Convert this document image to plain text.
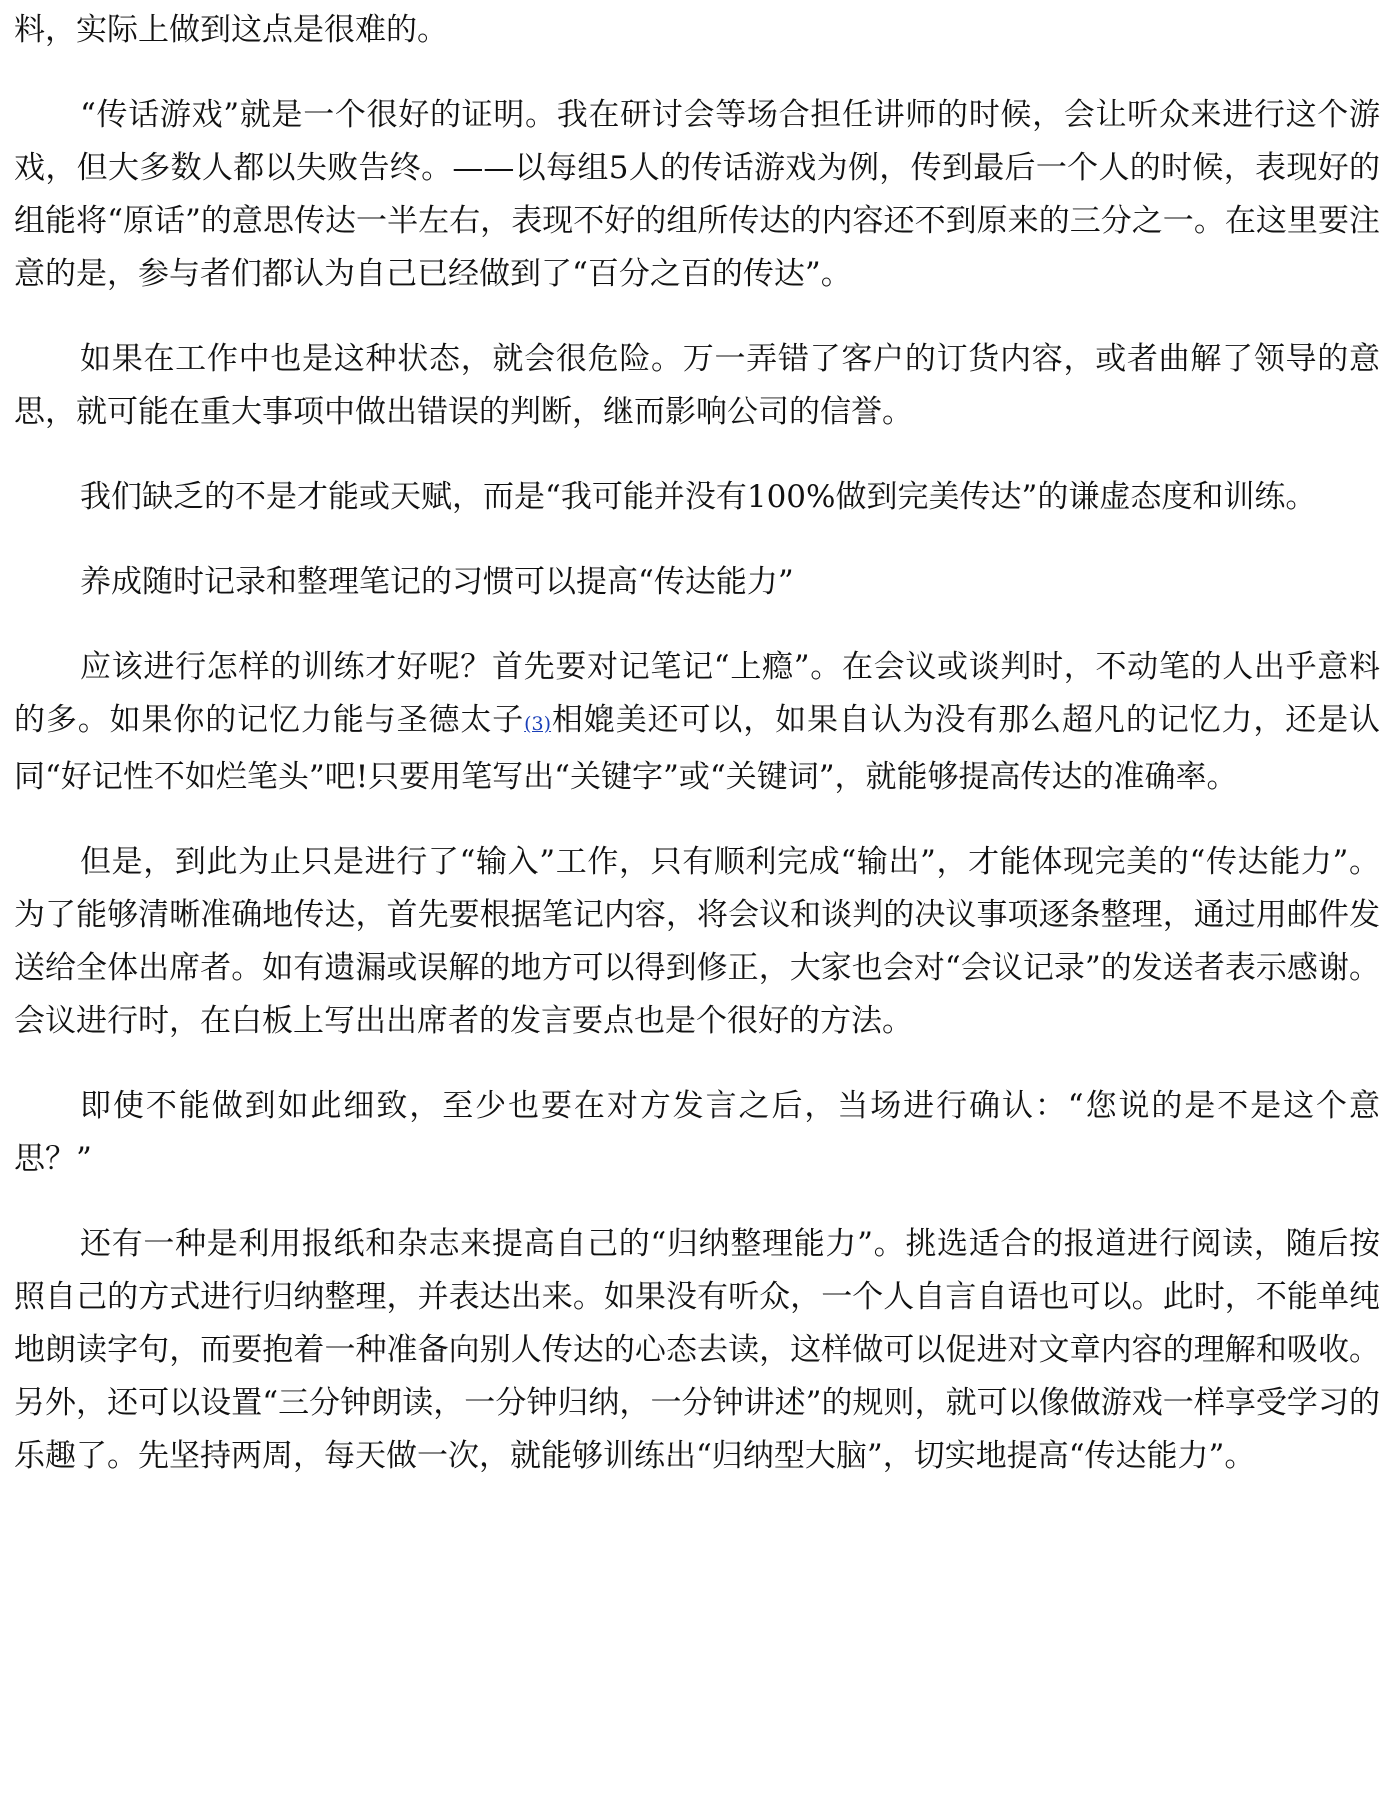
料，实际上做到这点是很难的。

“传话游戏”就是一个很好的证明。我在研讨会等场合担任讲师的时候，会让听众来进行这个游戏，但大多数人都以失败告终。——以每组5人的传话游戏为例，传到最后一个人的时候，表现好的组能将“原话”的意思传达一半左右，表现不好的组所传达的内容还不到原来的三分之一。在这里要注意的是，参与者们都认为自己已经做到了“百分之百的传达”。

如果在工作中也是这种状态，就会很危险。万一弄错了客户的订货内容，或者曲解了领导的意思，就可能在重大事项中做出错误的判断，继而影响公司的信誉。

我们缺乏的不是才能或天赋，而是“我可能并没有100%做到完美传达”的谦虚态度和训练。

养成随时记录和整理笔记的习惯可以提高“传达能力”

应该进行怎样的训练才好呢？首先要对记笔记“上瘾”。在会议或谈判时，不动笔的人出乎意料的多。如果你的记忆力能与圣德太子(3)相媲美还可以，如果自认为没有那么超凡的记忆力，还是认同“好记性不如烂笔头”吧!只要用笔写出“关键字”或“关键词”，就能够提高传达的准确率。

但是，到此为止只是进行了“输入”工作，只有顺利完成“输出”，才能体现完美的“传达能力”。为了能够清晰准确地传达，首先要根据笔记内容，将会议和谈判的决议事项逐条整理，通过用邮件发送给全体出席者。如有遗漏或误解的地方可以得到修正，大家也会对“会议记录”的发送者表示感谢。会议进行时，在白板上写出出席者的发言要点也是个很好的方法。

即使不能做到如此细致，至少也要在对方发言之后，当场进行确认：“您说的是不是这个意思？”

还有一种是利用报纸和杂志来提高自己的“归纳整理能力”。挑选适合的报道进行阅读，随后按照自己的方式进行归纳整理，并表达出来。如果没有听众，一个人自言自语也可以。此时，不能单纯地朗读字句，而要抱着一种准备向别人传达的心态去读，这样做可以促进对文章内容的理解和吸收。另外，还可以设置“三分钟朗读，一分钟归纳，一分钟讲述”的规则，就可以像做游戏一样享受学习的乐趣了。先坚持两周，每天做一次，就能够训练出“归纳型大脑”，切实地提高“传达能力”。
